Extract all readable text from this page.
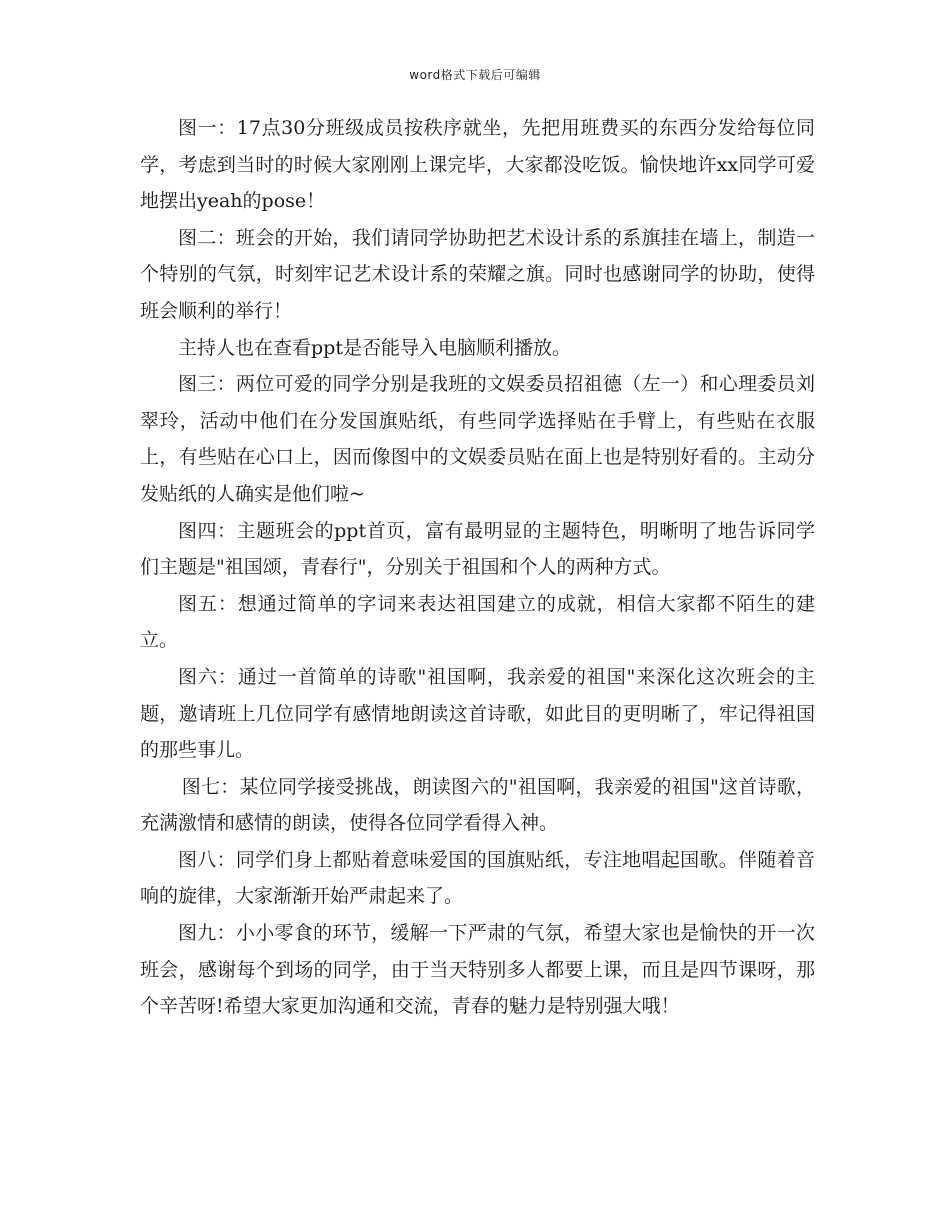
word格式下载后可编辑

图一：17点30分班级成员按秩序就坐，先把用班费买的东西分发给每位同学，考虑到当时的时候大家刚刚上课完毕，大家都没吃饭。愉快地许xx同学可爱地摆出yeah的pose！

图二：班会的开始，我们请同学协助把艺术设计系的系旗挂在墙上，制造一个特别的气氛，时刻牢记艺术设计系的荣耀之旗。同时也感谢同学的协助，使得班会顺利的举行！

主持人也在查看ppt是否能导入电脑顺利播放。

图三：两位可爱的同学分别是我班的文娱委员招祖德（左一）和心理委员刘翠玲，活动中他们在分发国旗贴纸，有些同学选择贴在手臂上，有些贴在衣服上，有些贴在心口上，因而像图中的文娱委员贴在面上也是特别好看的。主动分发贴纸的人确实是他们啦~

图四：主题班会的ppt首页，富有最明显的主题特色，明晰明了地告诉同学们主题是"祖国颂，青春行"，分别关于祖国和个人的两种方式。

图五：想通过简单的字词来表达祖国建立的成就，相信大家都不陌生的建立。

图六：通过一首简单的诗歌"祖国啊，我亲爱的祖国"来深化这次班会的主题，邀请班上几位同学有感情地朗读这首诗歌，如此目的更明晰了，牢记得祖国的那些事儿。

图七：某位同学接受挑战，朗读图六的"祖国啊，我亲爱的祖国"这首诗歌，充满激情和感情的朗读，使得各位同学看得入神。

图八：同学们身上都贴着意味爱国的国旗贴纸，专注地唱起国歌。伴随着音响的旋律，大家渐渐开始严肃起来了。

图九：小小零食的环节，缓解一下严肃的气氛，希望大家也是愉快的开一次班会，感谢每个到场的同学，由于当天特别多人都要上课，而且是四节课呀，那个辛苦呀!希望大家更加沟通和交流，青春的魅力是特别强大哦！
